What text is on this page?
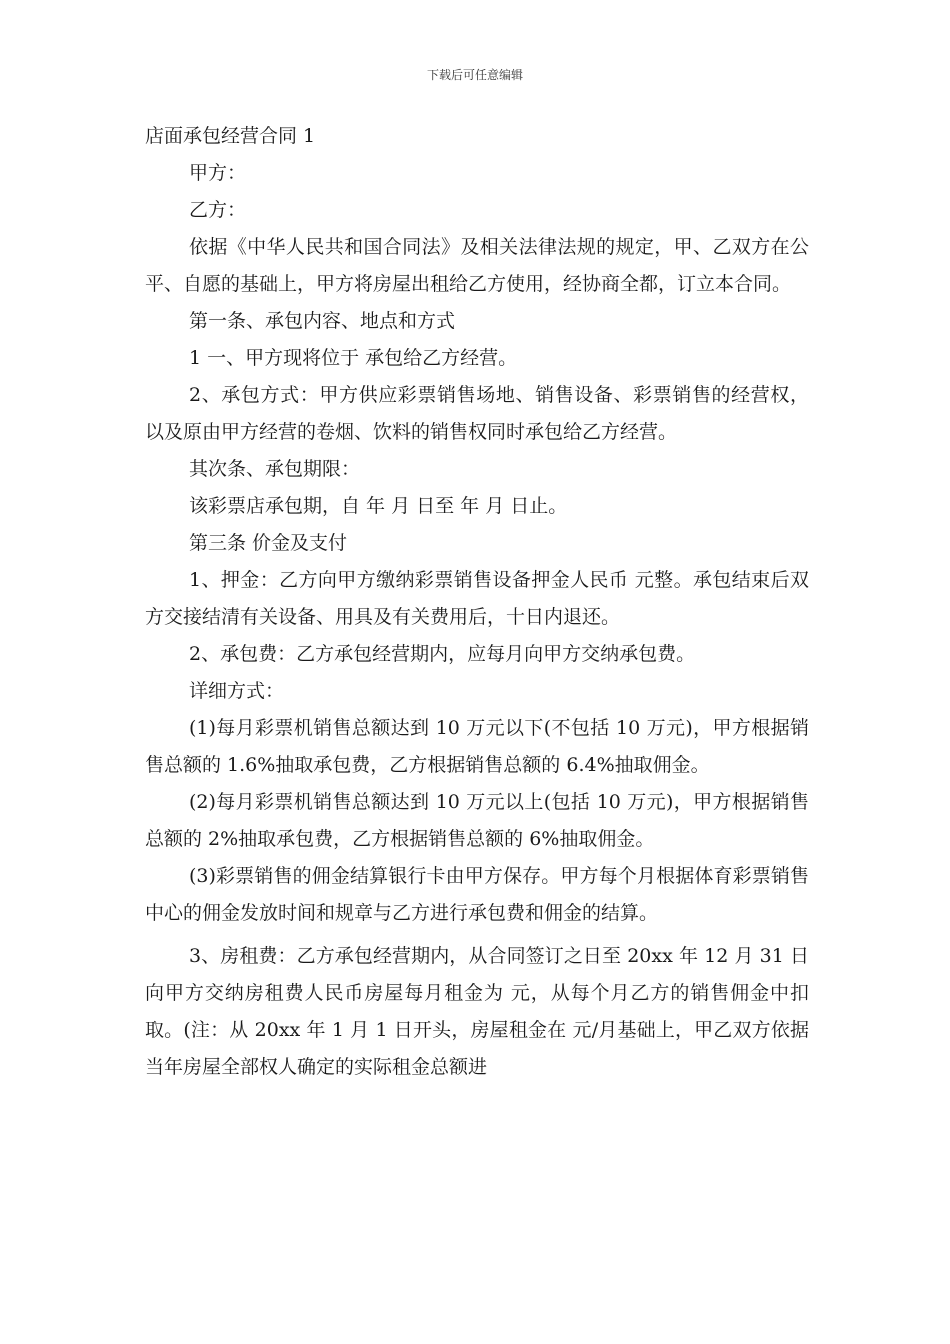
下载后可任意编辑
店面承包经营合同 1

甲方：

乙方：

依据《中华人民共和国合同法》及相关法律法规的规定，甲、乙双方在公平、自愿的基础上，甲方将房屋出租给乙方使用，经协商全都，订立本合同。

第一条、承包内容、地点和方式

1 一、甲方现将位于 承包给乙方经营。

2、承包方式：甲方供应彩票销售场地、销售设备、彩票销售的经营权，以及原由甲方经营的卷烟、饮料的销售权同时承包给乙方经营。

其次条、承包期限：

该彩票店承包期，自 年 月 日至 年 月 日止。

第三条 价金及支付

1、押金：乙方向甲方缴纳彩票销售设备押金人民币 元整。承包结束后双方交接结清有关设备、用具及有关费用后，十日内退还。

2、承包费：乙方承包经营期内，应每月向甲方交纳承包费。

详细方式：

(1)每月彩票机销售总额达到 10 万元以下(不包括 10 万元)，甲方根据销售总额的 1.6%抽取承包费，乙方根据销售总额的 6.4%抽取佣金。

(2)每月彩票机销售总额达到 10 万元以上(包括 10 万元)，甲方根据销售总额的 2%抽取承包费，乙方根据销售总额的 6%抽取佣金。

(3)彩票销售的佣金结算银行卡由甲方保存。甲方每个月根据体育彩票销售中心的佣金发放时间和规章与乙方进行承包费和佣金的结算。

3、房租费：乙方承包经营期内，从合同签订之日至 20xx 年 12 月 31 日向甲方交纳房租费人民币房屋每月租金为 元，从每个月乙方的销售佣金中扣取。(注：从 20xx 年 1 月 1 日开头，房屋租金在 元/月基础上，甲乙双方依据当年房屋全部权人确定的实际租金总额进
